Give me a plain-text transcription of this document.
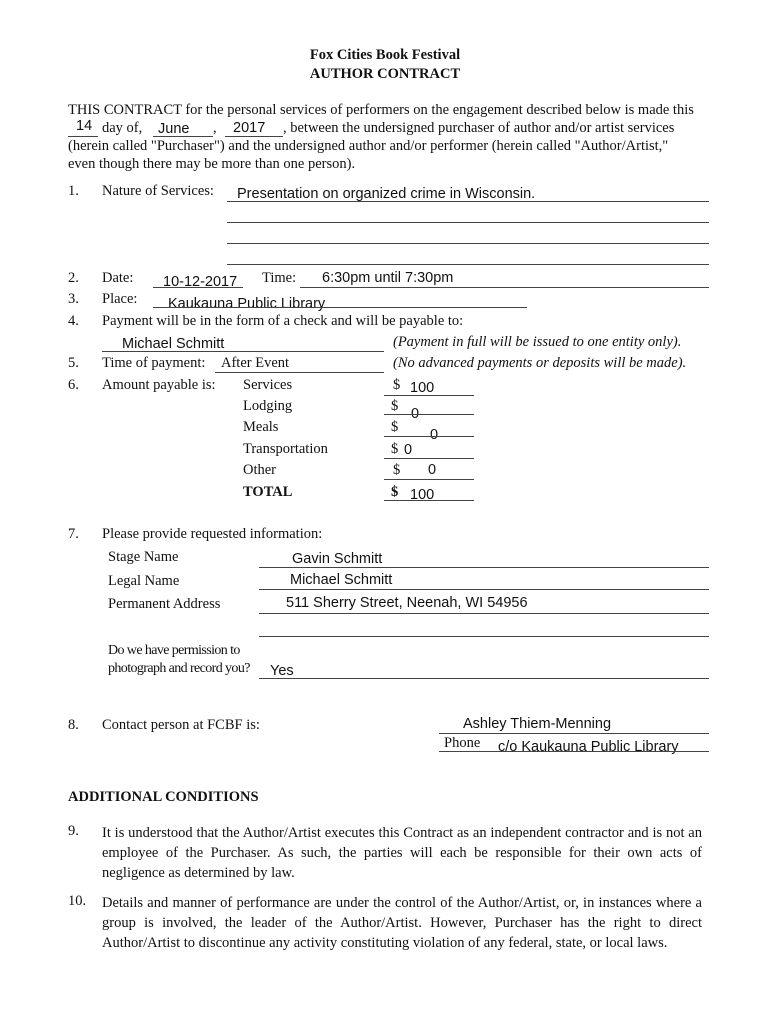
Fox Cities Book Festival
AUTHOR CONTRACT
THIS CONTRACT for the personal services of performers on the engagement described below is made this
14 day of, June , 2017 , between the undersigned purchaser of author and/or artist services
(herein called "Purchaser") and the undersigned author and/or performer (herein called "Author/Artist,"
even though there may be more than one person).
1. Nature of Services: Presentation on organized crime in Wisconsin.
2. Date: 10-12-2017 Time: 6:30pm until 7:30pm
3. Place: Kaukauna Public Library
4. Payment will be in the form of a check and will be payable to:
Michael Schmitt	(Payment in full will be issued to one entity only).
5. Time of payment: After Event	(No advanced payments or deposits will be made).
6. Amount payable is: Services	$ 100
Lodging	$ 0
Meals	$ 0
Transportation	$ 0
Other	$ 0
TOTAL	$ 100
7. Please provide requested information:
Stage Name	Gavin Schmitt
Legal Name	Michael Schmitt
Permanent Address	511 Sherry Street, Neenah, WI 54956
Do we have permission to
photograph and record you? Yes
8. Contact person at FCBF is:	Ashley Thiem-Menning
Phone c/o Kaukauna Public Library
ADDITIONAL CONDITIONS
9. It is understood that the Author/Artist executes this Contract as an independent contractor and is not an employee of the Purchaser. As such, the parties will each be responsible for their own acts of negligence as determined by law.
10. Details and manner of performance are under the control of the Author/Artist, or, in instances where a group is involved, the leader of the Author/Artist. However, Purchaser has the right to direct Author/Artist to discontinue any activity constituting violation of any federal, state, or local laws.
